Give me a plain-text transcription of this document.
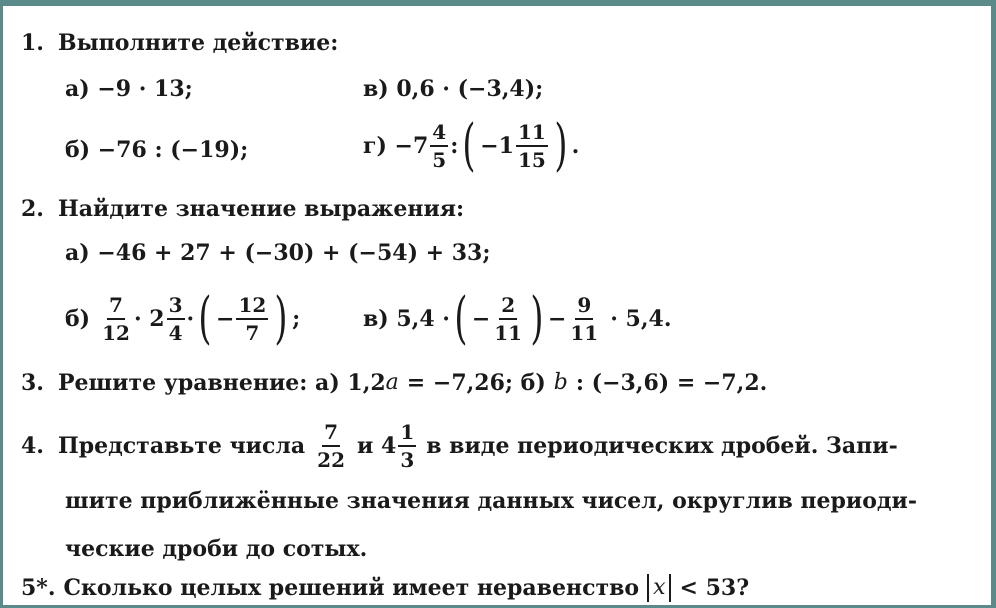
1. Выполните действие:
а) −9 · 13;	в) 0,6 · (−3,4);
б) −76 : (−19);	$г) -7 \frac{4}{5}$ : ( $-1 \frac{11}{15}$ ) .
2. Найдите значение выражения:
а) −46 + 27 + (−30) + (−54) + 33;
$б) \frac{7}{12} \cdot 2 \frac{3}{4}$ · ( − $\frac{12}{7}$ ) ;	в) 5,4 · ( − $\frac{2}{11}$ ) − $\frac{9}{11} \cdot 5,4$.
3. Решите уравнение: а) 1,2 a = −7,26; б) b : (−3,6) = −7,2.
4. Представьте числа $\frac{7}{22}$ и $4 \frac{1}{3}$ в виде периодических дробей. Запи-
шите приближённые значения данных чисел, округлив периоди-
ческие дроби до сотых.
5*. Сколько целых решений имеет неравенство x < 53?
